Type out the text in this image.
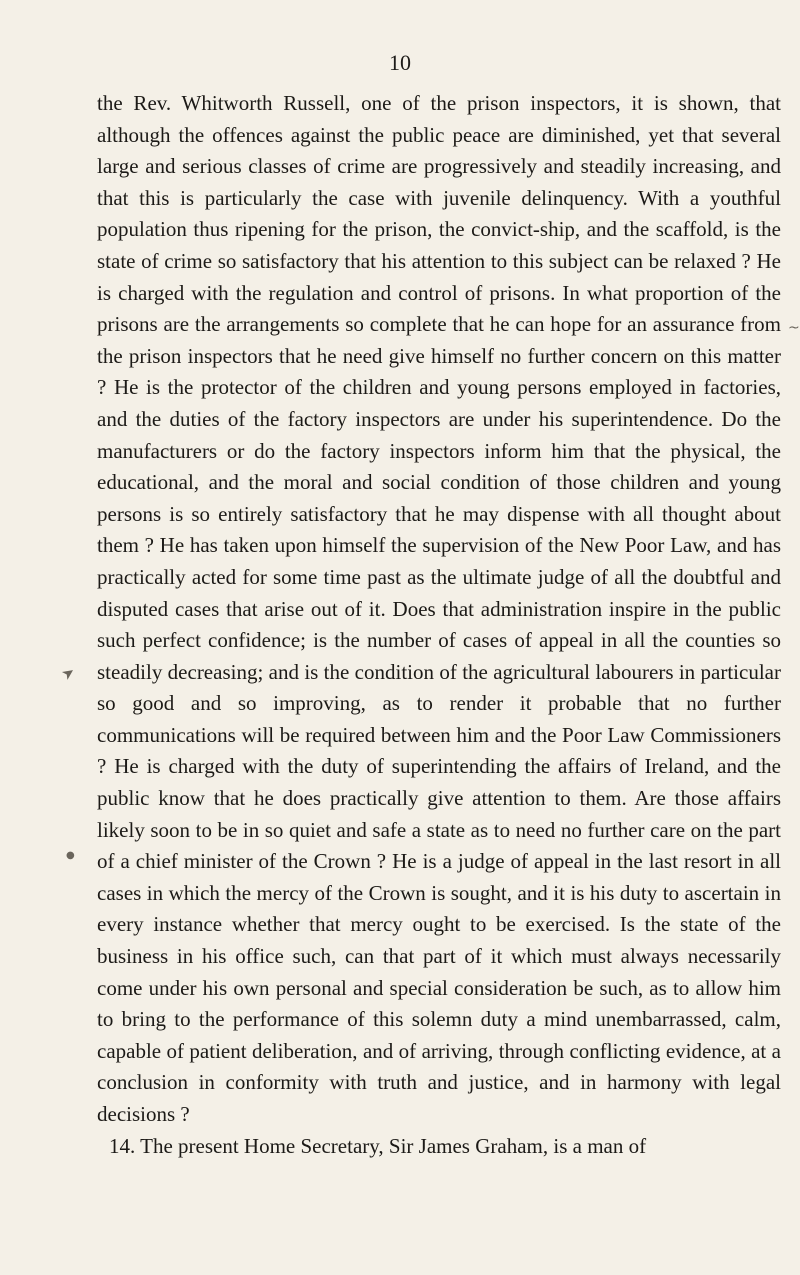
10

the Rev. Whitworth Russell, one of the prison inspectors, it is shown, that although the offences against the public peace are diminished, yet that several large and serious classes of crime are progressively and steadily increasing, and that this is particularly the case with juvenile delinquency. With a youthful population thus ripening for the prison, the convict-ship, and the scaffold, is the state of crime so satisfactory that his attention to this subject can be relaxed ? He is charged with the regulation and control of prisons. In what proportion of the prisons are the arrangements so complete that he can hope for an assurance from the prison inspectors that he need give himself no further concern on this matter ? He is the protector of the children and young persons employed in factories, and the duties of the factory inspectors are under his superintendence. Do the manufacturers or do the factory inspectors inform him that the physical, the educational, and the moral and social condition of those children and young persons is so entirely satisfactory that he may dispense with all thought about them ? He has taken upon himself the supervision of the New Poor Law, and has practically acted for some time past as the ultimate judge of all the doubtful and disputed cases that arise out of it. Does that administration inspire in the public such perfect confidence; is the number of cases of appeal in all the counties so steadily decreasing; and is the condition of the agricultural labourers in particular so good and so improving, as to render it probable that no further communications will be required between him and the Poor Law Commissioners ? He is charged with the duty of superintending the affairs of Ireland, and the public know that he does practically give attention to them. Are those affairs likely soon to be in so quiet and safe a state as to need no further care on the part of a chief minister of the Crown ? He is a judge of appeal in the last resort in all cases in which the mercy of the Crown is sought, and it is his duty to ascertain in every instance whether that mercy ought to be exercised. Is the state of the business in his office such, can that part of it which must always necessarily come under his own personal and special consideration be such, as to allow him to bring to the performance of this solemn duty a mind unembarrassed, calm, capable of patient deliberation, and of arriving, through conflicting evidence, at a conclusion in conformity with truth and justice, and in harmony with legal decisions ?

14. The present Home Secretary, Sir James Graham, is a man of

~
➤
●
